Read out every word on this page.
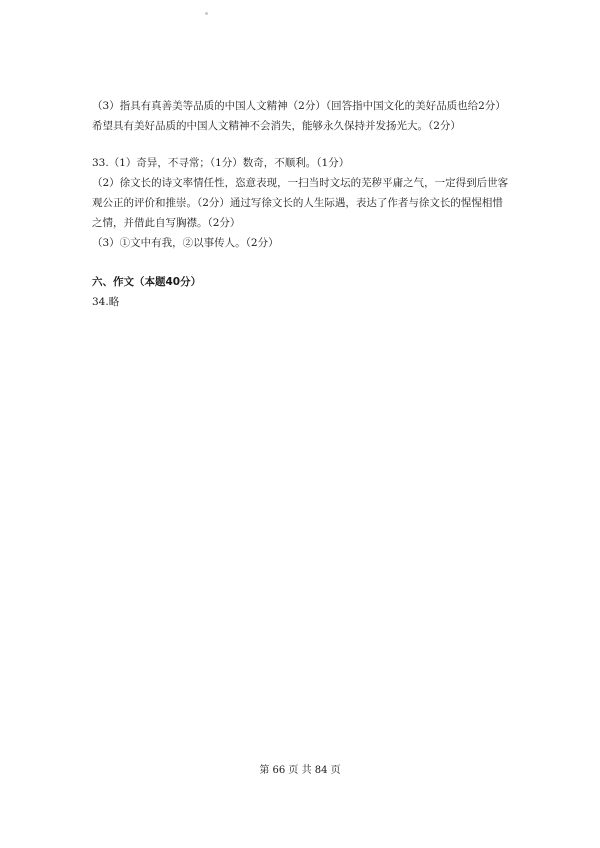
（3）指具有真善美等品质的中国人文精神（2分）（回答指中国文化的美好品质也给2分）

希望具有美好品质的中国人文精神不会消失，能够永久保持并发扬光大。（2分）

33.（1）奇异，不寻常；（1分）数奇，不顺利。（1分）

（2）徐文长的诗文率情任性，恣意表现，一扫当时文坛的芜秽平庸之气，一定得到后世客

观公正的评价和推崇。（2分）通过写徐文长的人生际遇，表达了作者与徐文长的惺惺相惜

之情，并借此自写胸襟。（2分）

（3）①文中有我，②以事传人。（2分）

六、作文（本题40分）

34.略

第 66 页 共 84 页
